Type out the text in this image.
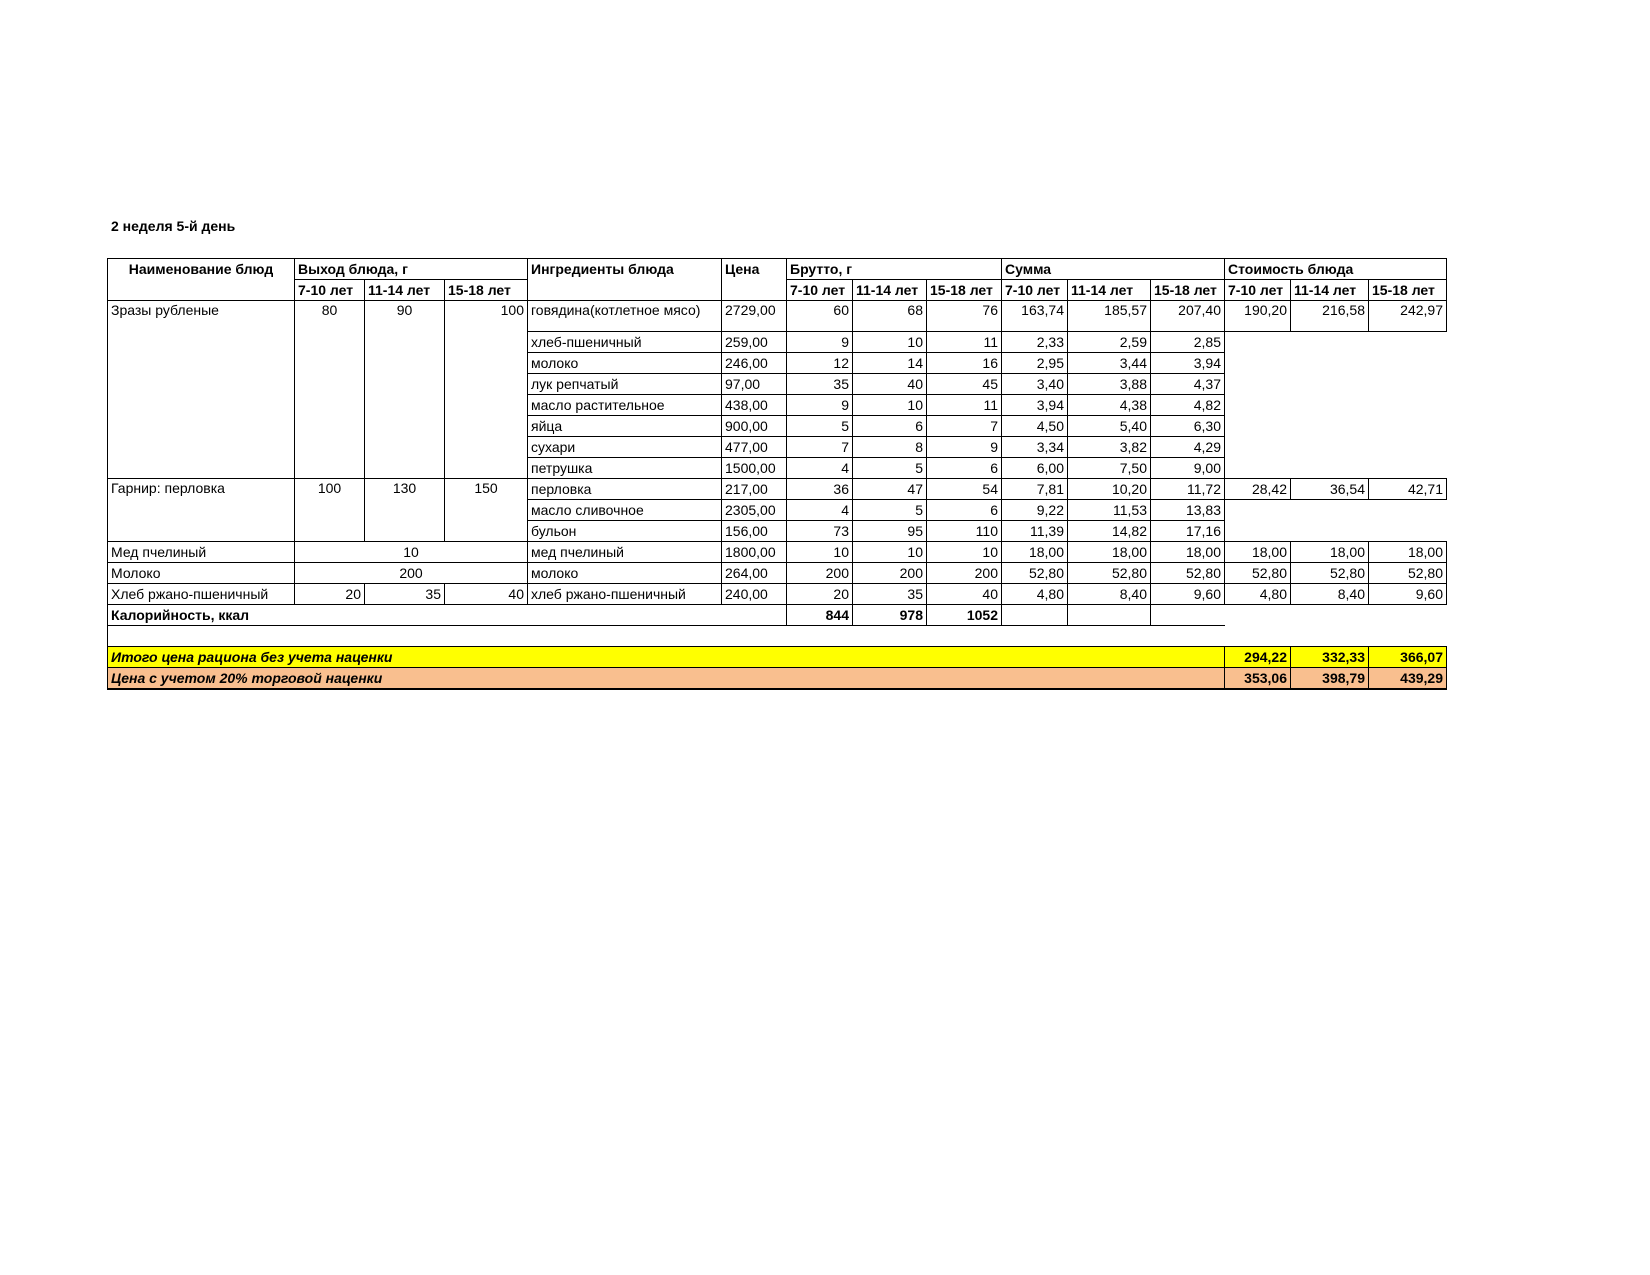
2 неделя 5-й день
Наименование блюд	Выход блюда, г			Ингредиенты блюда	Цена	Брутто, г			Сумма			Стоимость блюда		
	7-10 лет	11-14 лет	15-18 лет			7-10 лет	11-14 лет	15-18 лет	7-10 лет	11-14 лет	15-18 лет	7-10 лет	11-14 лет	15-18 лет
Зразы рубленые	80	90	100	говядина(котлетное мясо)	2729,00	60	68	76	163,74	185,57	207,40	190,20	216,58	242,97
				хлеб-пшеничный	259,00	9	10	11	2,33	2,59	2,85			
				молоко	246,00	12	14	16	2,95	3,44	3,94			
				лук репчатый	97,00	35	40	45	3,40	3,88	4,37			
				масло растительное	438,00	9	10	11	3,94	4,38	4,82			
				яйца	900,00	5	6	7	4,50	5,40	6,30			
				сухари	477,00	7	8	9	3,34	3,82	4,29			
				петрушка	1500,00	4	5	6	6,00	7,50	9,00			
Гарнир: перловка	100	130	150	перловка	217,00	36	47	54	7,81	10,20	11,72	28,42	36,54	42,71
				масло сливочное	2305,00	4	5	6	9,22	11,53	13,83			
				бульон	156,00	73	95	110	11,39	14,82	17,16			
Мед пчелиный	10			мед пчелиный	1800,00	10	10	10	18,00	18,00	18,00	18,00	18,00	18,00
Молоко	200			молоко	264,00	200	200	200	52,80	52,80	52,80	52,80	52,80	52,80
Хлеб ржано-пшеничный	20	35	40	хлеб ржано-пшеничный	240,00	20	35	40	4,80	8,40	9,60	4,80	8,40	9,60
Калорийность, ккал						844	978	1052						

Итого цена рациона без учета наценки												294,22	332,33	366,07
Цена с учетом 20% торговой наценки												353,06	398,79	439,29
